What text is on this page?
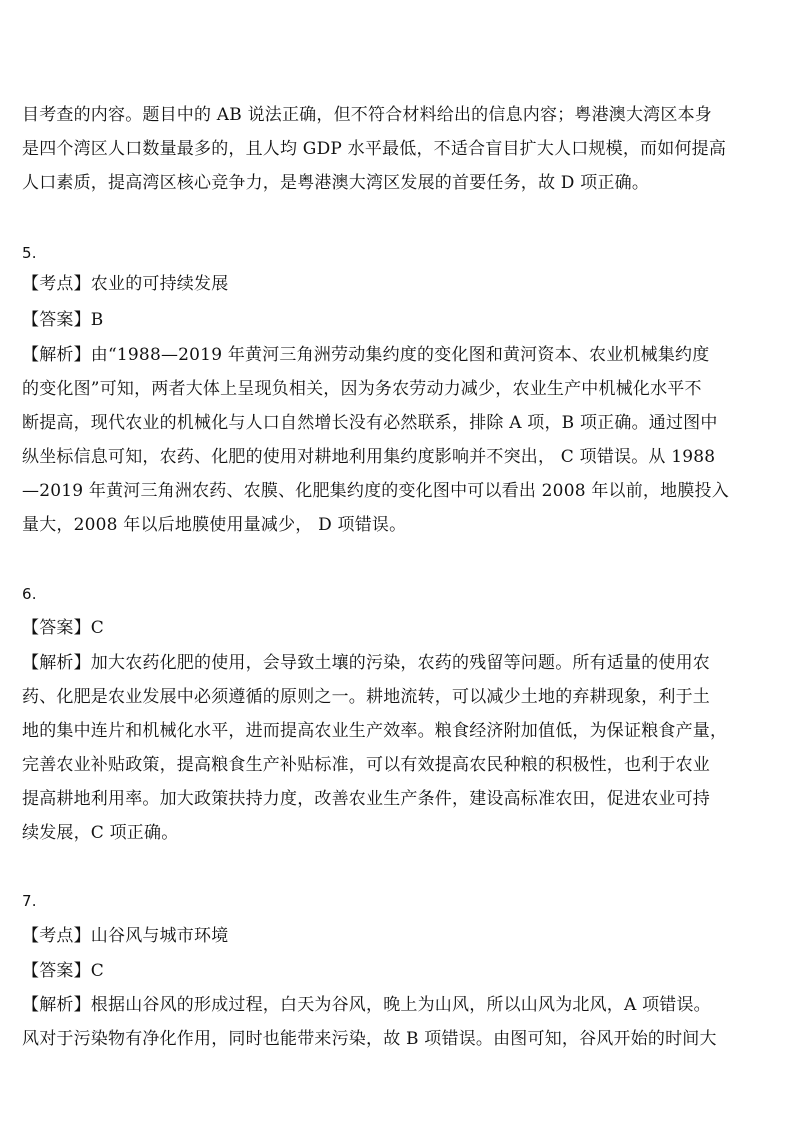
目考查的内容。题目中的 AB 说法正确，但不符合材料给出的信息内容；粤港澳大湾区本身
是四个湾区人口数量最多的，且人均 GDP 水平最低，不适合盲目扩大人口规模，而如何提高
人口素质，提高湾区核心竞争力，是粤港澳大湾区发展的首要任务，故 D 项正确。
5.
【考点】农业的可持续发展
【答案】B
【解析】由“1988—2019 年黄河三角洲劳动集约度的变化图和黄河资本、农业机械集约度
的变化图”可知，两者大体上呈现负相关，因为务农劳动力减少，农业生产中机械化水平不
断提高，现代农业的机械化与人口自然增长没有必然联系，排除 A 项，B 项正确。通过图中
纵坐标信息可知，农药、化肥的使用对耕地利用集约度影响并不突出， C 项错误。从 1988
—2019 年黄河三角洲农药、农膜、化肥集约度的变化图中可以看出 2008 年以前，地膜投入
量大，2008 年以后地膜使用量减少， D 项错误。
6.
【答案】C
【解析】加大农药化肥的使用，会导致土壤的污染，农药的残留等问题。所有适量的使用农
药、化肥是农业发展中必须遵循的原则之一。耕地流转，可以减少土地的弃耕现象，利于土
地的集中连片和机械化水平，进而提高农业生产效率。粮食经济附加值低，为保证粮食产量，
完善农业补贴政策，提高粮食生产补贴标准，可以有效提高农民种粮的积极性，也利于农业
提高耕地利用率。加大政策扶持力度，改善农业生产条件，建设高标准农田，促进农业可持
续发展，C 项正确。
7.
【考点】山谷风与城市环境
【答案】C
【解析】根据山谷风的形成过程，白天为谷风，晚上为山风，所以山风为北风，A 项错误。
风对于污染物有净化作用，同时也能带来污染，故 B 项错误。由图可知，谷风开始的时间大
